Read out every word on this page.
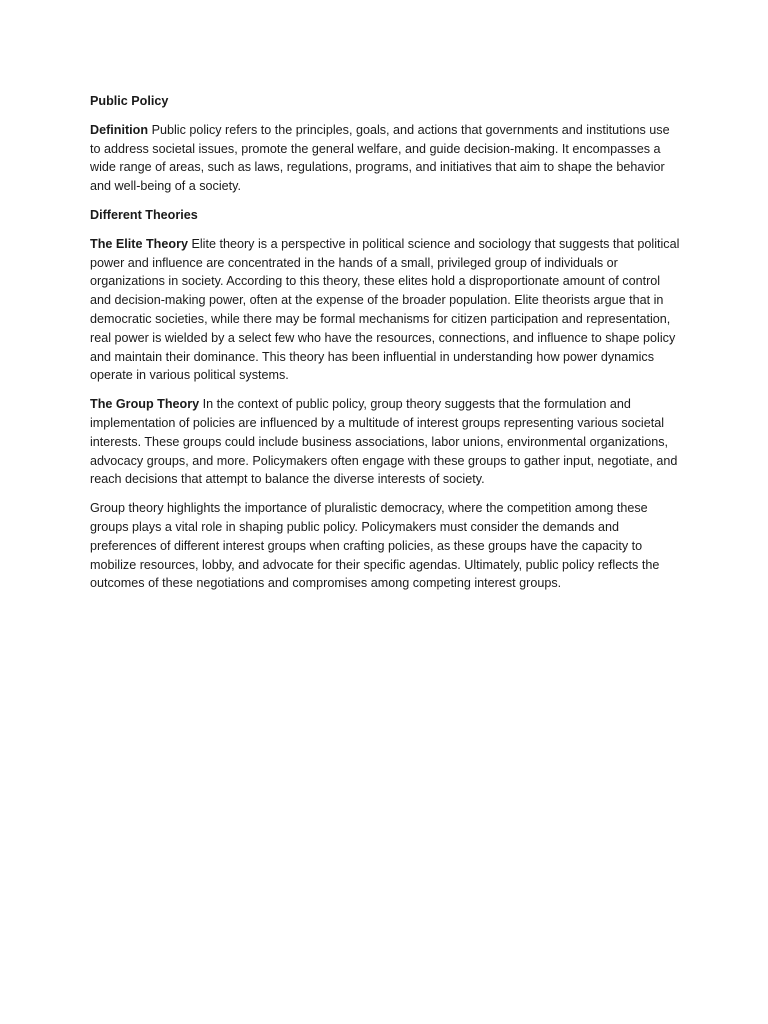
Public Policy

Definition Public policy refers to the principles, goals, and actions that governments and institutions use to address societal issues, promote the general welfare, and guide decision-making. It encompasses a wide range of areas, such as laws, regulations, programs, and initiatives that aim to shape the behavior and well-being of a society.

Different Theories

The Elite Theory Elite theory is a perspective in political science and sociology that suggests that political power and influence are concentrated in the hands of a small, privileged group of individuals or organizations in society. According to this theory, these elites hold a disproportionate amount of control and decision-making power, often at the expense of the broader population. Elite theorists argue that in democratic societies, while there may be formal mechanisms for citizen participation and representation, real power is wielded by a select few who have the resources, connections, and influence to shape policy and maintain their dominance. This theory has been influential in understanding how power dynamics operate in various political systems.

The Group Theory In the context of public policy, group theory suggests that the formulation and implementation of policies are influenced by a multitude of interest groups representing various societal interests. These groups could include business associations, labor unions, environmental organizations, advocacy groups, and more. Policymakers often engage with these groups to gather input, negotiate, and reach decisions that attempt to balance the diverse interests of society.

Group theory highlights the importance of pluralistic democracy, where the competition among these groups plays a vital role in shaping public policy. Policymakers must consider the demands and preferences of different interest groups when crafting policies, as these groups have the capacity to mobilize resources, lobby, and advocate for their specific agendas. Ultimately, public policy reflects the outcomes of these negotiations and compromises among competing interest groups.
